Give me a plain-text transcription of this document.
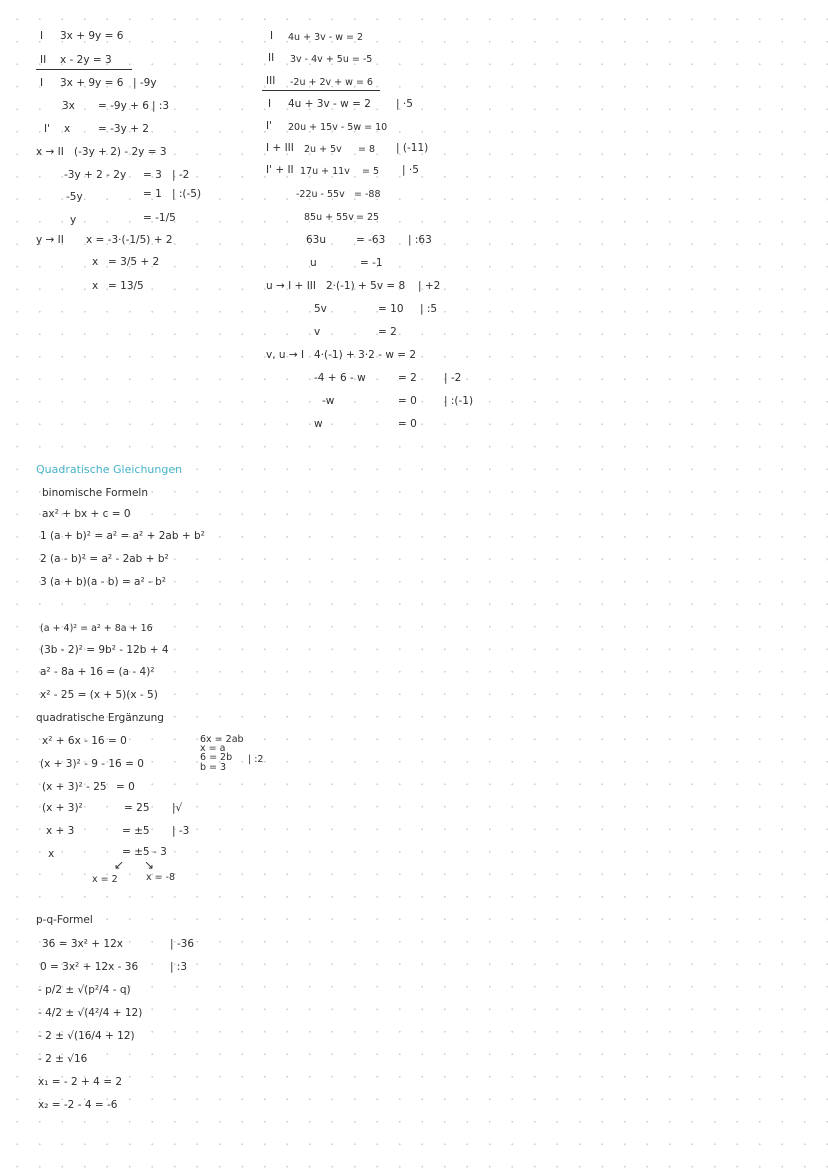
I 3x + 9y = 6
II x - 2y = 3
I 3x + 9y = 6 | -9y
3x = -9y + 6 | :3
I' x	= -3y + 2
x → II (-3y + 2) - 2y = 3
-3y + 2 - 2y = 3 | -2
-5y	= 1 | :(-5)
y	= -1/5
y → II x = -3·(-1/5) + 2
x = 3/5 + 2
x = 13/5
I 4u + 3v - w = 2
II 3v - 4v + 5u = -5
III -2u + 2v + w = 6
I 4u + 3v - w = 2 | ·5
I' 20u + 15v - 5w = 10
I + III 2u + 5v = 8 | (-11)
I' + II 17u + 11v = 5 | ·5
-22u - 55v = -88
85u + 55v = 25
63u	= -63 | :63
u	= -1
u → I + III 2·(-1) + 5v = 8 | +2
5v	= 10 | :5
v	= 2
v, u → I 4·(-1) + 3·2 - w = 2
-4 + 6 - w	= 2	| -2
-w	= 0	| :(-1)
w	= 0
Quadratische Gleichungen
binomische Formeln
ax² + bx + c = 0
1 (a + b)² = a² = a² + 2ab + b²
2 (a - b)² = a² - 2ab + b²
3 (a + b)(a - b) = a² - b²
(a + 4)² = a² + 8a + 16
(3b - 2)² = 9b² - 12b + 4
a² - 8a + 16 = (a - 4)²
x² - 25 = (x + 5)(x - 5)
quadratische Ergänzung
x² + 6x - 16 = 0
(x + 3)² - 9 - 16 = 0
(x + 3)² - 25 = 0
(x + 3)²	= 25 |√
x + 3	= ±5 | -3
x	= ±5 - 3
↙ ↘
x = 2	x = -8
6x = 2ab
x = a
6 = 2b
b = 3
| :2
p-q-Formel
36 = 3x² + 12x	| -36
0 = 3x² + 12x - 36	| :3
- p/2 ± √(p²/4 - q)
- 4/2 ± √(4²/4 + 12)
- 2 ± √(16/4 + 12)
- 2 ± √16
x₁ = - 2 + 4 = 2
x₂ = -2 - 4 = -6
